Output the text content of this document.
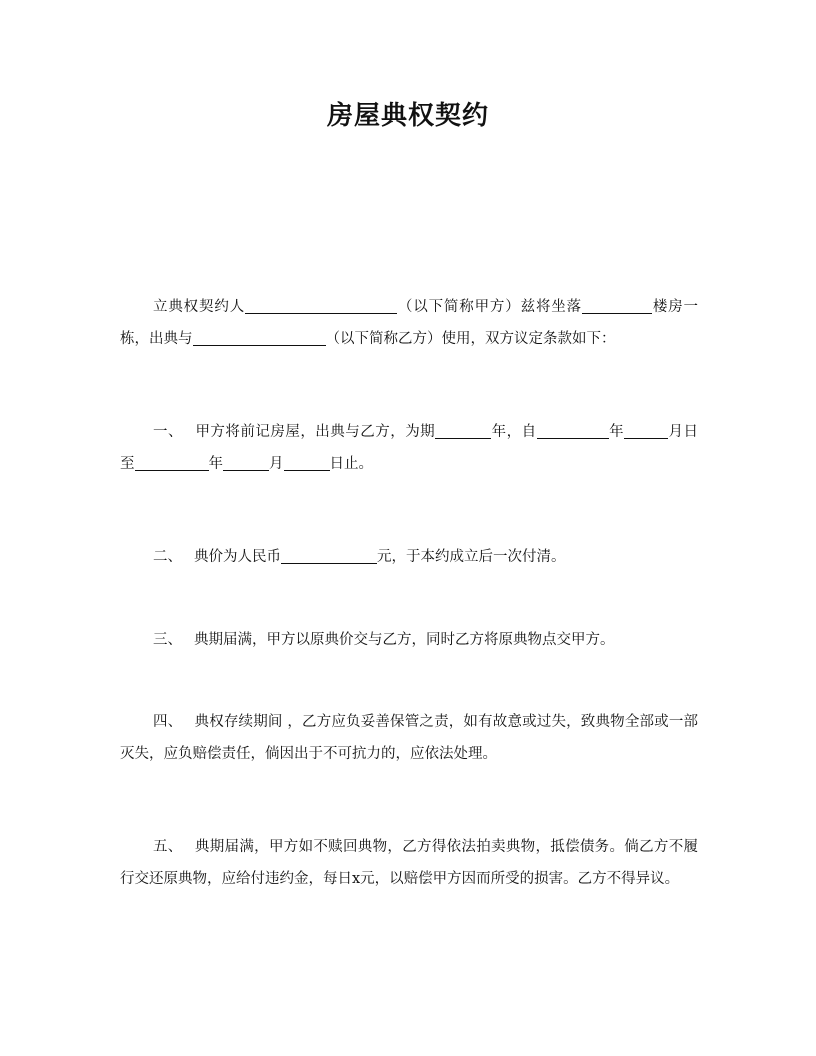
房屋典权契约

立典权契约人	（以下简称甲方）兹将坐落	楼房一栋，出典与	（以下简称乙方）使用，双方议定条款如下：

一、 甲方将前记房屋，出典与乙方，为期	年，自	年	月日至	年	月	日止。

二、 典价为人民币	元，于本约成立后一次付清。

三、 典期届满，甲方以原典价交与乙方，同时乙方将原典物点交甲方。

四、 典权存续期间 ，乙方应负妥善保管之责，如有故意或过失，致典物全部或一部灭失，应负赔偿责任，倘因出于不可抗力的，应依法处理。

五、 典期届满，甲方如不赎回典物，乙方得依法拍卖典物，抵偿债务。倘乙方不履行交还原典物，应给付违约金，每日x元，以赔偿甲方因而所受的损害。乙方不得异议。
